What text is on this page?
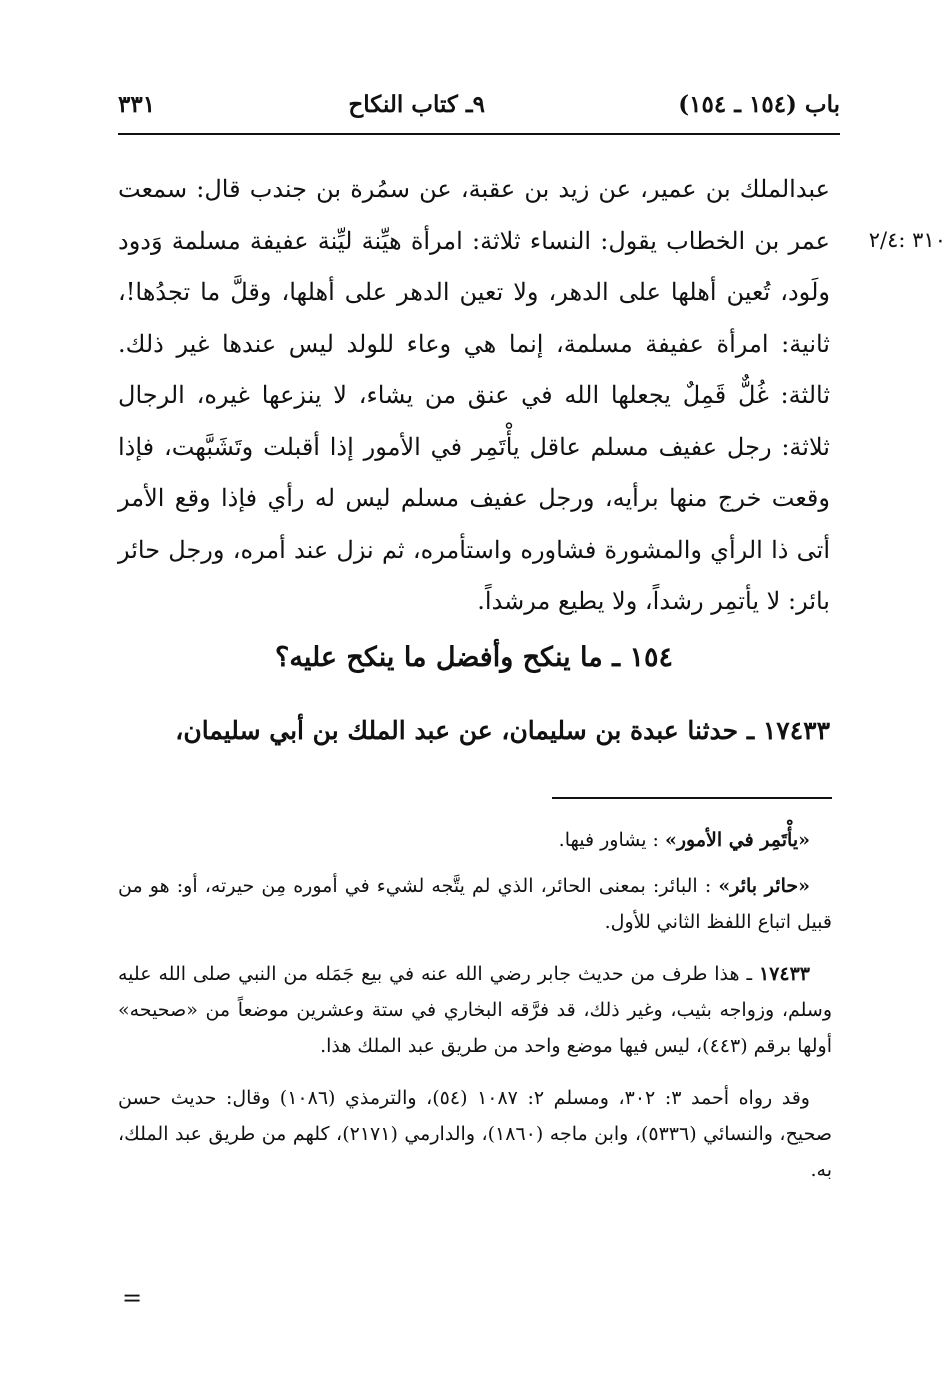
باب (١٥٤ ـ ١٥٤)
٩ـ كتاب النكاح
٣٣١
٣١٠ :٢/٤

عبدالملك بن عمير، عن زيد بن عقبة، عن سمُرة بن جندب قال: سمعت عمر بن الخطاب يقول: النساء ثلاثة: امرأة هيِّنة ليِّنة عفيفة مسلمة وَدود ولَود، تُعين أهلها على الدهر، ولا تعين الدهر على أهلها، وقلَّ ما تجدُها!، ثانية: امرأة عفيفة مسلمة، إنما هي وعاء للولد ليس عندها غير ذلك. ثالثة: غُلٌّ قَمِلٌ يجعلها الله في عنق من يشاء، لا ينزعها غيره، الرجال ثلاثة: رجل عفيف مسلم عاقل يأْتَمِر في الأمور إذا أقبلت وتَشَبَّهت، فإذا وقعت خرج منها برأيه، ورجل عفيف مسلم ليس له رأي فإذا وقع الأمر أتى ذا الرأي والمشورة فشاوره واستأمره، ثم نزل عند أمره، ورجل حائر بائر: لا يأتمِر رشداً، ولا يطيع مرشداً.

١٥٤ ـ ما ينكح وأفضل ما ينكح عليه؟
١٧٤٣٣ ـ حدثنا عبدة بن سليمان، عن عبد الملك بن أبي سليمان،

«يأْتَمِر في الأمور» : يشاور فيها.

«حائر بائر» : البائر: بمعنى الحائر، الذي لم يتَّجه لشيء في أموره مِن حيرته، أو: هو من قبيل اتباع اللفظ الثاني للأول.

١٧٤٣٣ ـ هذا طرف من حديث جابر رضي الله عنه في بيع جَمَله من النبي صلى الله عليه وسلم، وزواجه بثيب، وغير ذلك، قد فرَّقه البخاري في ستة وعشرين موضعاً من «صحيحه» أولها برقم (٤٤٣)، ليس فيها موضع واحد من طريق عبد الملك هذا.

وقد رواه أحمد ٣: ٣٠٢، ومسلم ٢: ١٠٨٧ (٥٤)، والترمذي (١٠٨٦) وقال: حديث حسن صحيح، والنسائي (٥٣٣٦)، وابن ماجه (١٨٦٠)، والدارمي (٢١٧١)، كلهم من طريق عبد الملك، به.

=
